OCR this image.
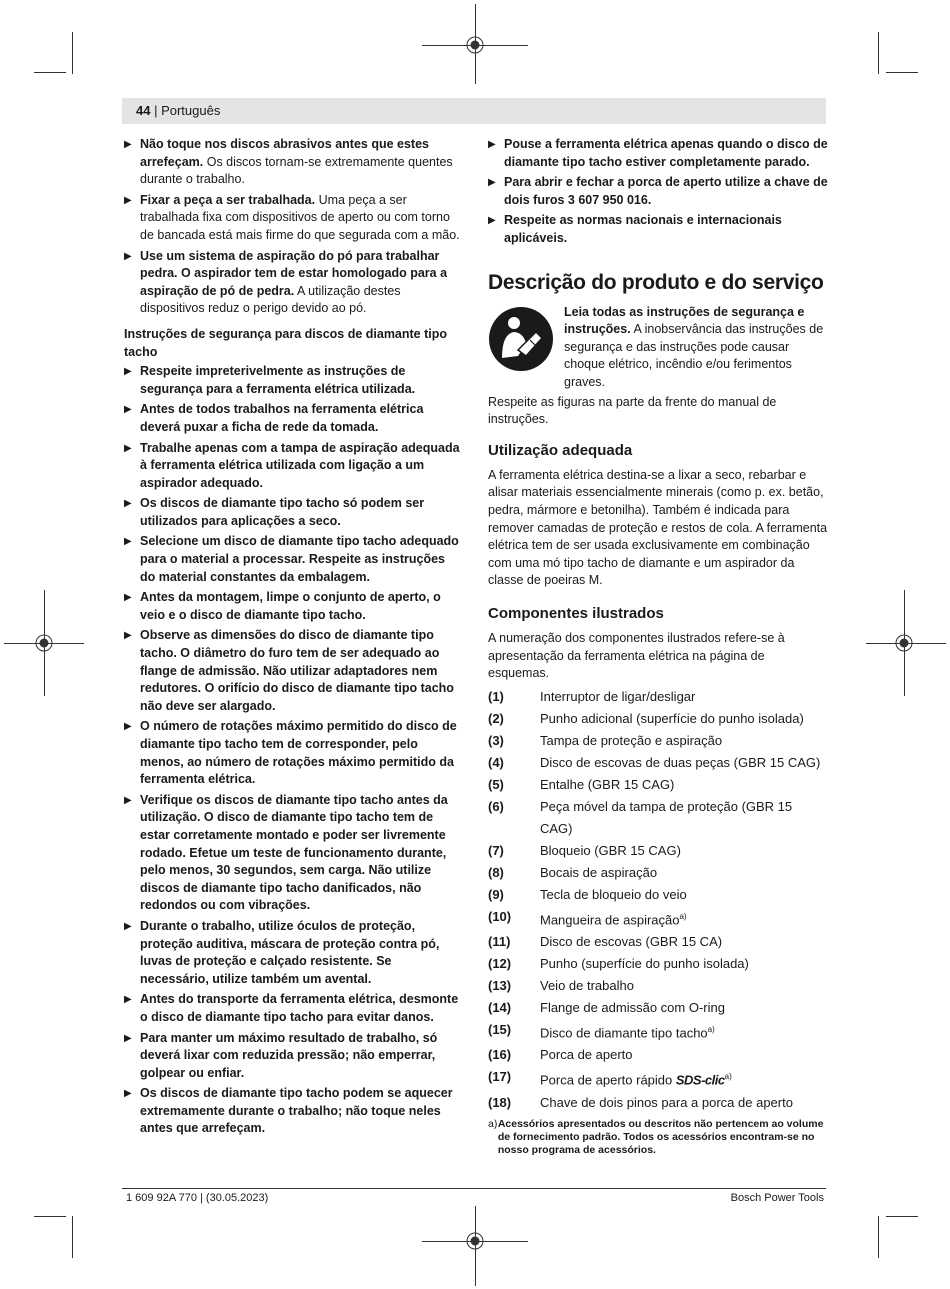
44 | Português
▶ Não toque nos discos abrasivos antes que estes arrefeçam. Os discos tornam-se extremamente quentes durante o trabalho.
▶ Fixar a peça a ser trabalhada. Uma peça a ser trabalhada fixa com dispositivos de aperto ou com torno de bancada está mais firme do que segurada com a mão.
▶ Use um sistema de aspiração do pó para trabalhar pedra. O aspirador tem de estar homologado para a aspiração de pó de pedra. A utilização destes dispositivos reduz o perigo devido ao pó.
Instruções de segurança para discos de diamante tipo tacho
▶ Respeite impreterivelmente as instruções de segurança para a ferramenta elétrica utilizada.
▶ Antes de todos trabalhos na ferramenta elétrica deverá puxar a ficha de rede da tomada.
▶ Trabalhe apenas com a tampa de aspiração adequada à ferramenta elétrica utilizada com ligação a um aspirador adequado.
▶ Os discos de diamante tipo tacho só podem ser utilizados para aplicações a seco.
▶ Selecione um disco de diamante tipo tacho adequado para o material a processar. Respeite as instruções do material constantes da embalagem.
▶ Antes da montagem, limpe o conjunto de aperto, o veio e o disco de diamante tipo tacho.
▶ Observe as dimensões do disco de diamante tipo tacho. O diâmetro do furo tem de ser adequado ao flange de admissão. Não utilizar adaptadores nem redutores. O orifício do disco de diamante tipo tacho não deve ser alargado.
▶ O número de rotações máximo permitido do disco de diamante tipo tacho tem de corresponder, pelo menos, ao número de rotações máximo permitido da ferramenta elétrica.
▶ Verifique os discos de diamante tipo tacho antes da utilização. O disco de diamante tipo tacho tem de estar corretamente montado e poder ser livremente rodado. Efetue um teste de funcionamento durante, pelo menos, 30 segundos, sem carga. Não utilize discos de diamante tipo tacho danificados, não redondos ou com vibrações.
▶ Durante o trabalho, utilize óculos de proteção, proteção auditiva, máscara de proteção contra pó, luvas de proteção e calçado resistente. Se necessário, utilize também um avental.
▶ Antes do transporte da ferramenta elétrica, desmonte o disco de diamante tipo tacho para evitar danos.
▶ Para manter um máximo resultado de trabalho, só deverá lixar com reduzida pressão; não emperrar, golpear ou enfiar.
▶ Os discos de diamante tipo tacho podem se aquecer extremamente durante o trabalho; não toque neles antes que arrefeçam.
▶ Pouse a ferramenta elétrica apenas quando o disco de diamante tipo tacho estiver completamente parado.
▶ Para abrir e fechar a porca de aperto utilize a chave de dois furos 3 607 950 016.
▶ Respeite as normas nacionais e internacionais aplicáveis.
Descrição do produto e do serviço
Leia todas as instruções de segurança e instruções. A inobservância das instruções de segurança e das instruções pode causar choque elétrico, incêndio e/ou ferimentos graves.

Respeite as figuras na parte da frente do manual de instruções.

Utilização adequada

A ferramenta elétrica destina-se a lixar a seco, rebarbar e alisar materiais essencialmente minerais (como p. ex. betão, pedra, mármore e betonilha). Também é indicada para remover camadas de proteção e restos de cola. A ferramenta elétrica tem de ser usada exclusivamente em combinação com uma mó tipo tacho de diamante e um aspirador da classe de poeiras M.

Componentes ilustrados

A numeração dos componentes ilustrados refere-se à apresentação da ferramenta elétrica na página de esquemas.

(1)	Interruptor de ligar/desligar
(2)	Punho adicional (superfície do punho isolada)
(3)	Tampa de proteção e aspiração
(4)	Disco de escovas de duas peças (GBR 15 CAG)
(5)	Entalhe (GBR 15 CAG)
(6)	Peça móvel da tampa de proteção (GBR 15 CAG)
(7)	Bloqueio (GBR 15 CAG)
(8)	Bocais de aspiração
(9)	Tecla de bloqueio do veio
(10)	Mangueira de aspiração$^{a)}$
(11)	Disco de escovas (GBR 15 CA)
(12)	Punho (superfície do punho isolada)
(13)	Veio de trabalho
(14)	Flange de admissão com O-ring
(15)	Disco de diamante tipo tacho$^{a)}$
(16)	Porca de aperto
(17)	Porca de aperto rápido SDS-clic$^{a)}$
(18)	Chave de dois pinos para a porca de aperto
a) Acessórios apresentados ou descritos não pertencem ao volume de fornecimento padrão. Todos os acessórios encontram-se no nosso programa de acessórios.
1 609 92A 770 | (30.05.2023)	Bosch Power Tools
